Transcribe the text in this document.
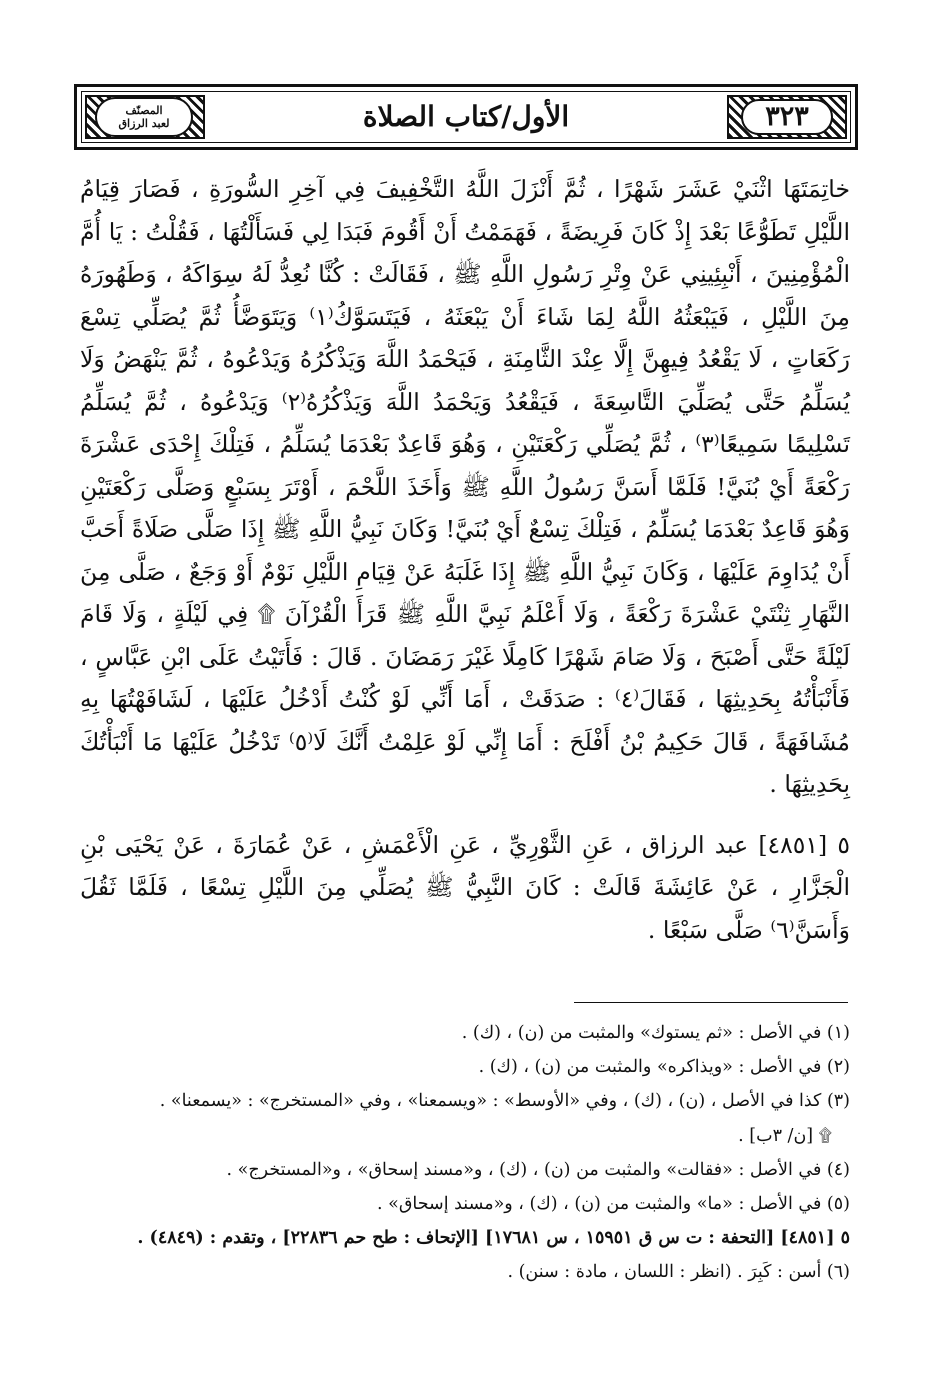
٣٢٣
الأول/كتاب الصلاة
المصنّف
لعبد الرزاق

خاتِمَتَهَا اثْنَيْ عَشَرَ شَهْرًا ، ثُمَّ أَنْزَلَ اللَّهُ التَّخْفِيفَ فِي آخِرِ السُّورَةِ ، فَصَارَ قِيَامُ اللَّيْلِ تَطَوُّعًا بَعْدَ إِذْ كَانَ فَرِيضَةً ، فَهَمَمْتُ أَنْ أَقُومَ فَبَدَا لِي فَسَأَلْتُهَا ، فَقُلْتُ : يَا أُمَّ الْمُؤْمِنِينَ ، أَنْبِئِينِي عَنْ وِتْرِ رَسُولِ اللَّهِ ﷺ ، فَقَالَتْ : كُنَّا نُعِدُّ لَهُ سِوَاكَهُ ، وَطَهُورَهُ مِنَ اللَّيْلِ ، فَيَبْعَثُهُ اللَّهُ لِمَا شَاءَ أَنْ يَبْعَثَهُ ، فَيَتَسَوَّكُ⁽١⁾ وَيَتَوَضَّأُ ثُمَّ يُصَلِّي تِسْعَ رَكَعَاتٍ ، لَا يَقْعُدُ فِيهِنَّ إِلَّا عِنْدَ الثَّامِنَةِ ، فَيَحْمَدُ اللَّهَ وَيَذْكُرُهُ وَيَدْعُوهُ ، ثُمَّ يَنْهَضُ وَلَا يُسَلِّمُ حَتَّى يُصَلِّيَ التَّاسِعَةَ ، فَيَقْعُدُ وَيَحْمَدُ اللَّهَ وَيَذْكُرُهُ⁽٢⁾ وَيَدْعُوهُ ، ثُمَّ يُسَلِّمُ تَسْلِيمًا سَمِيعًا⁽٣⁾ ، ثُمَّ يُصَلِّي رَكْعَتَيْنِ ، وَهُوَ قَاعِدٌ بَعْدَمَا يُسَلِّمُ ، فَتِلْكَ إِحْدَى عَشْرَةَ رَكْعَةً أَيْ بُنَيَّ! فَلَمَّا أَسَنَّ رَسُولُ اللَّهِ ﷺ وَأَخَذَ اللَّحْمَ ، أَوْتَرَ بِسَبْعٍ وَصَلَّى رَكْعَتَيْنِ وَهُوَ قَاعِدٌ بَعْدَمَا يُسَلِّمُ ، فَتِلْكَ تِسْعٌ أَيْ بُنَيَّ! وَكَانَ نَبِيُّ اللَّهِ ﷺ إِذَا صَلَّى صَلَاةً أَحَبَّ أَنْ يُدَاوِمَ عَلَيْهَا ، وَكَانَ نَبِيُّ اللَّهِ ﷺ إِذَا غَلَبَهُ عَنْ قِيَامِ اللَّيْلِ نَوْمٌ أَوْ وَجَعٌ ، صَلَّى مِنَ النَّهَارِ ثِنْتَيْ عَشْرَةَ رَكْعَةً ، وَلَا أَعْلَمُ نَبِيَّ اللَّهِ ﷺ قَرَأَ الْقُرْآنَ ۩ فِي لَيْلَةٍ ، وَلَا قَامَ لَيْلَةً حَتَّى أَصْبَحَ ، وَلَا صَامَ شَهْرًا كَامِلًا غَيْرَ رَمَضَانَ . قَالَ : فَأَتَيْتُ عَلَى ابْنِ عَبَّاسٍ ، فَأَنْبَأْتُهُ بِحَدِيثِهَا ، فَقَالَ⁽٤⁾ : صَدَقَتْ ، أَمَا أَنِّي لَوْ كُنْتُ أَدْخُلُ عَلَيْهَا ، لَشَافَهْتُهَا بِهِ مُشَافَهَةً ، قَالَ حَكِيمُ بْنُ أَفْلَحَ : أَمَا إِنِّي لَوْ عَلِمْتُ أَنَّكَ لَا⁽٥⁾ تَدْخُلُ عَلَيْهَا مَا أَنْبَأْتُكَ بِحَدِيثِهَا .

٥ [٤٨٥١] عبد الرزاق ، عَنِ الثَّوْرِيِّ ، عَنِ الْأَعْمَشِ ، عَنْ عُمَارَةَ ، عَنْ يَحْيَى بْنِ الْجَزَّارِ ، عَنْ عَائِشَةَ قَالَتْ : كَانَ النَّبِيُّ ﷺ يُصَلِّي مِنَ اللَّيْلِ تِسْعًا ، فَلَمَّا ثَقُلَ وَأَسَنَّ⁽٦⁾ صَلَّى سَبْعًا .

(١) في الأصل : «ثم يستوك» والمثبت من (ن) ، (ك) .
(٢) في الأصل : «ويذاكره» والمثبت من (ن) ، (ك) .
(٣) كذا في الأصل ، (ن) ، (ك) ، وفي «الأوسط» : «ويسمعنا» ، وفي «المستخرج» : «يسمعنا» .
۩ [ن/ ٣ب] .
(٤) في الأصل : «فقالت» والمثبت من (ن) ، (ك) ، و«مسند إسحاق» ، و«المستخرج» .
(٥) في الأصل : «ما» والمثبت من (ن) ، (ك) ، و«مسند إسحاق» .
٥ [٤٨٥١] [التحفة : ت س ق ١٥٩٥١ ، س ١٧٦٨١] [الإتحاف : طح حم ٢٢٨٣٦] ، وتقدم : (٤٨٤٩) .
(٦) أسن : كَبِرَ . (انظر : اللسان ، مادة : سنن) .
